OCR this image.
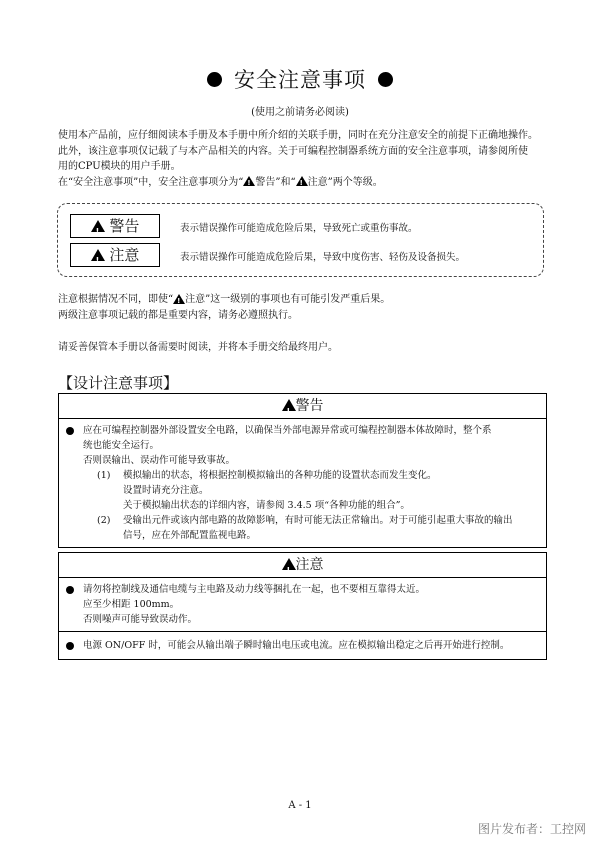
安全注意事项
(使用之前请务必阅读)

使用本产品前，应仔细阅读本手册及本手册中所介绍的关联手册，同时在充分注意安全的前提下正确地操作。

此外，该注意事项仅记载了与本产品相关的内容。关于可编程控制器系统方面的安全注意事项，请参阅所使

用的CPU模块的用户手册。

在“安全注意事项”中，安全注意事项分为“ ! 警告”和“ ! 注意”两个等级。

! 警告	表示错误操作可能造成危险后果，导致死亡或重伤事故。
! 注意	表示错误操作可能造成危险后果，导致中度伤害、轻伤及设备损失。

注意根据情况不同，即使“ ! 注意”这一级别的事项也有可能引发严重后果。

两级注意事项记载的都是重要内容，请务必遵照执行。

请妥善保管本手册以备需要时阅读，并将本手册交给最终用户。
【设计注意事项】
!警告

应在可编程控制器外部设置安全电路，以确保当外部电源异常或可编程控制器本体故障时，整个系

统也能安全运行。

否则误输出、误动作可能导致事故。

(1) 模拟输出的状态，将根据控制模拟输出的各种功能的设置状态而发生变化。

设置时请充分注意。

关于模拟输出状态的详细内容，请参阅 3.4.5 项“各种功能的组合”。

(2) 受输出元件或该内部电路的故障影响，有时可能无法正常输出。对于可能引起重大事故的输出

信号，应在外部配置监视电路。

!注意

请勿将控制线及通信电缆与主电路及动力线等捆扎在一起，也不要相互靠得太近。

应至少相距 100mm。

否则噪声可能导致误动作。

电源 ON/OFF 时，可能会从输出端子瞬时输出电压或电流。应在模拟输出稳定之后再开始进行控制。

A - 1
图片发布者：工控网
